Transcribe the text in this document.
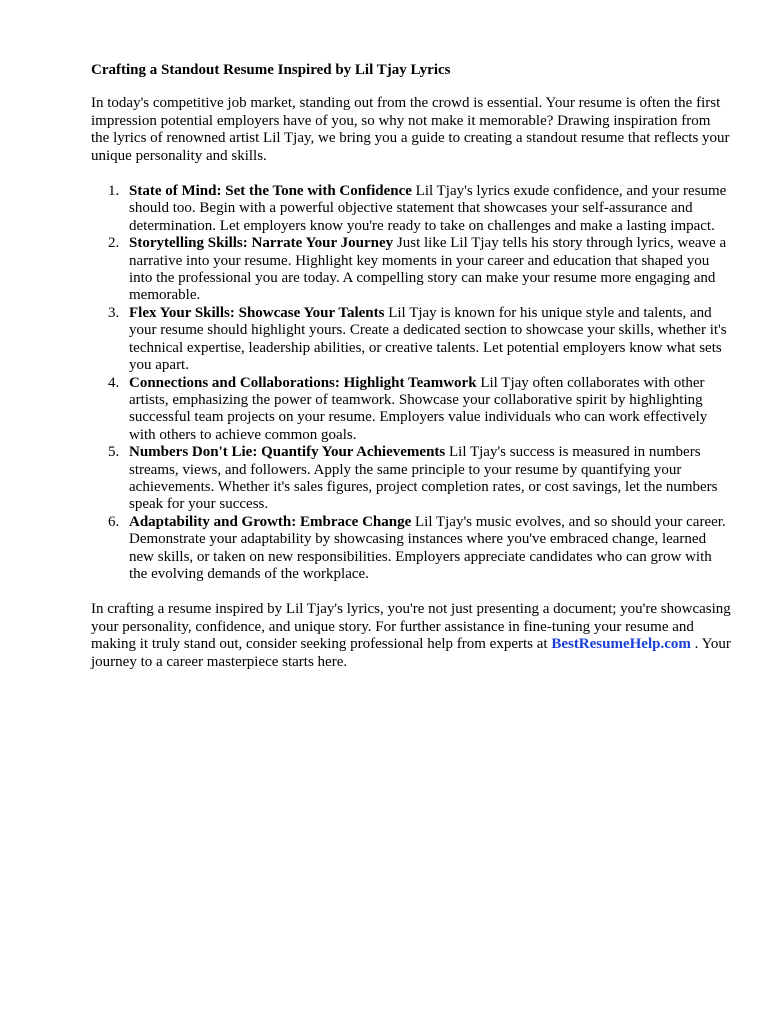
Crafting a Standout Resume Inspired by Lil Tjay Lyrics

In today's competitive job market, standing out from the crowd is essential. Your resume is often the first impression potential employers have of you, so why not make it memorable? Drawing inspiration from the lyrics of renowned artist Lil Tjay, we bring you a guide to creating a standout resume that reflects your unique personality and skills.

1. State of Mind: Set the Tone with Confidence Lil Tjay's lyrics exude confidence, and your resume should too. Begin with a powerful objective statement that showcases your self-assurance and determination. Let employers know you're ready to take on challenges and make a lasting impact.
2. Storytelling Skills: Narrate Your Journey Just like Lil Tjay tells his story through lyrics, weave a narrative into your resume. Highlight key moments in your career and education that shaped you into the professional you are today. A compelling story can make your resume more engaging and memorable.
3. Flex Your Skills: Showcase Your Talents Lil Tjay is known for his unique style and talents, and your resume should highlight yours. Create a dedicated section to showcase your skills, whether it's technical expertise, leadership abilities, or creative talents. Let potential employers know what sets you apart.
4. Connections and Collaborations: Highlight Teamwork Lil Tjay often collaborates with other artists, emphasizing the power of teamwork. Showcase your collaborative spirit by highlighting successful team projects on your resume. Employers value individuals who can work effectively with others to achieve common goals.
5. Numbers Don't Lie: Quantify Your Achievements Lil Tjay's success is measured in numbers    streams, views, and followers. Apply the same principle to your resume by quantifying your achievements. Whether it's sales figures, project completion rates, or cost savings, let the numbers speak for your success.
6. Adaptability and Growth: Embrace Change Lil Tjay's music evolves, and so should your career. Demonstrate your adaptability by showcasing instances where you've embraced change, learned new skills, or taken on new responsibilities. Employers appreciate candidates who can grow with the evolving demands of the workplace.

In crafting a resume inspired by Lil Tjay's lyrics, you're not just presenting a document; you're showcasing your personality, confidence, and unique story. For further assistance in fine-tuning your resume and making it truly stand out, consider seeking professional help from experts at BestResumeHelp.com . Your journey to a career masterpiece starts here.
